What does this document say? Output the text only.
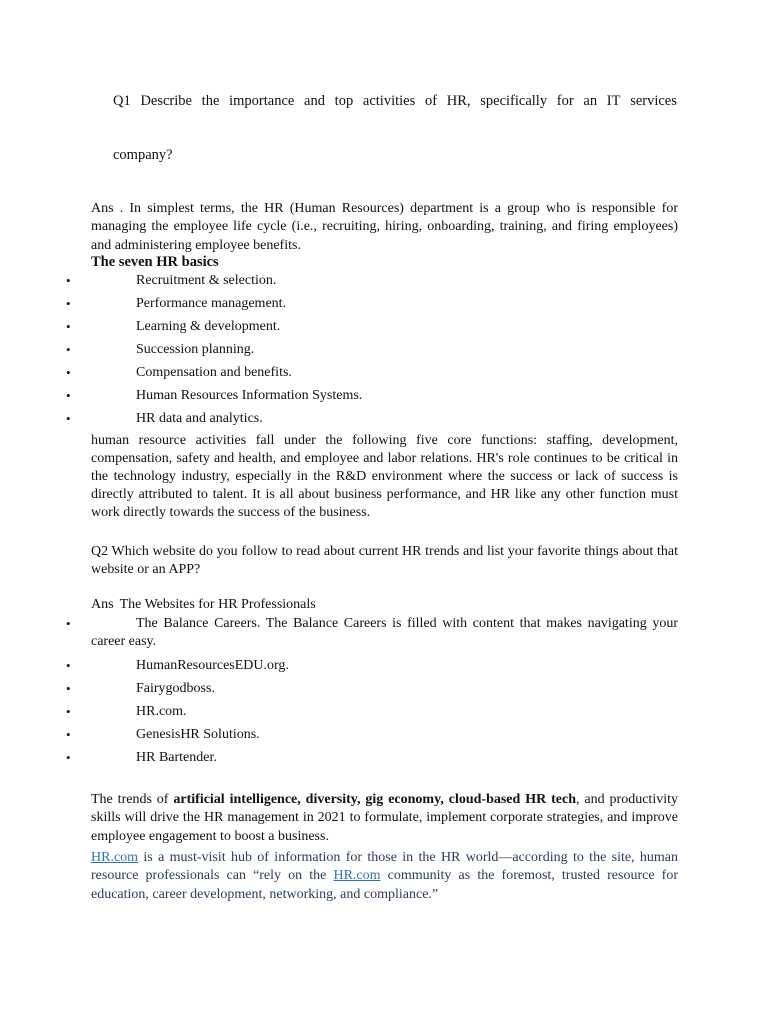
Q1 Describe the importance and top activities of HR, specifically for an IT services
company?
Ans . In simplest terms, the HR (Human Resources) department is a group who is responsible for managing the employee life cycle (i.e., recruiting, hiring, onboarding, training, and firing employees) and administering employee benefits.
The seven HR basics
•	Recruitment & selection.
•	Performance management.
•	Learning & development.
•	Succession planning.
•	Compensation and benefits.
•	Human Resources Information Systems.
•	HR data and analytics.
human resource activities fall under the following five core functions: staffing, development, compensation, safety and health, and employee and labor relations. HR's role continues to be critical in the technology industry, especially in the R&D environment where the success or lack of success is directly attributed to talent. It is all about business performance, and HR like any other function must work directly towards the success of the business.
Q2 Which website do you follow to read about current HR trends and list your favorite things about that website or an APP?
Ans The Websites for HR Professionals
•	The Balance Careers. The Balance Careers is filled with content that makes navigating your career easy.
•	HumanResourcesEDU.org.
•	Fairygodboss.
•	HR.com.
•	GenesisHR Solutions.
•	HR Bartender.
The trends of artificial intelligence, diversity, gig economy, cloud-based HR tech, and productivity skills will drive the HR management in 2021 to formulate, implement corporate strategies, and improve employee engagement to boost a business.
HR.com is a must-visit hub of information for those in the HR world—according to the site, human resource professionals can “rely on the HR.com community as the foremost, trusted resource for education, career development, networking, and compliance.”
